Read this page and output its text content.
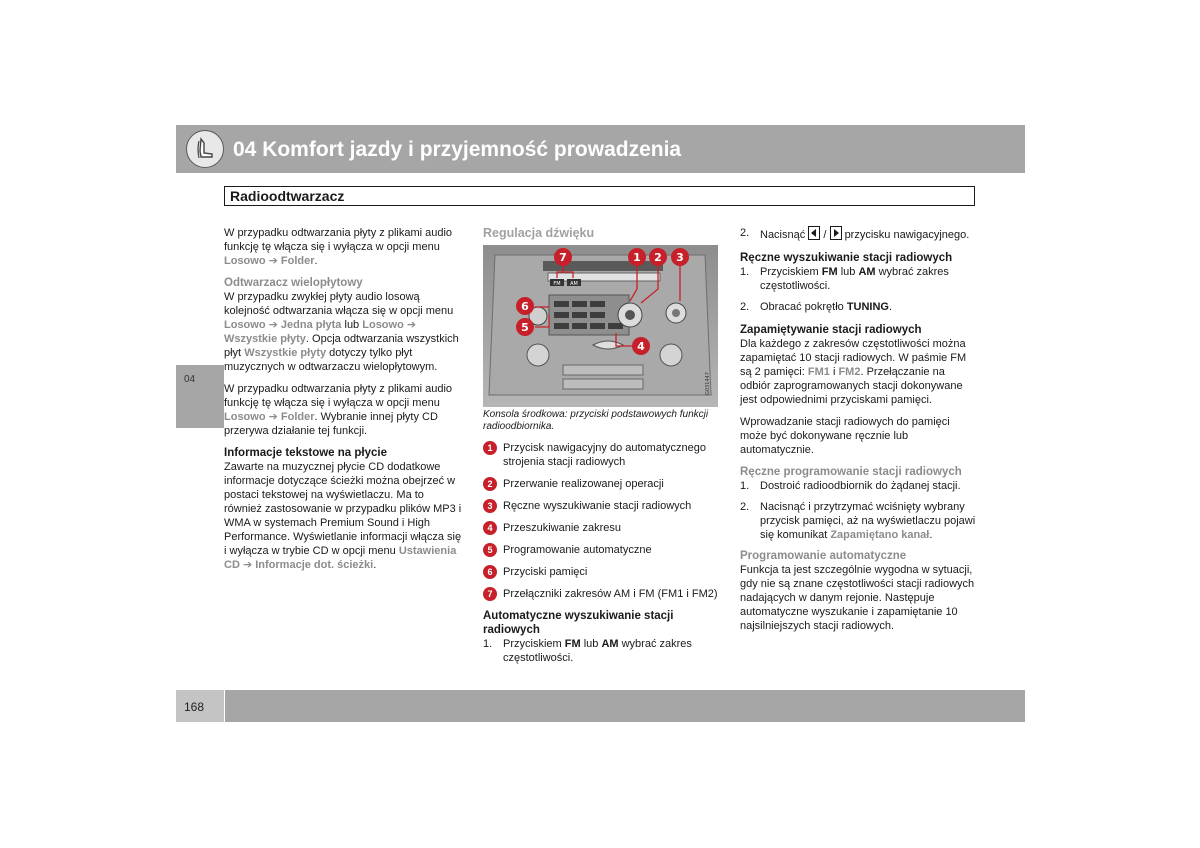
04 Komfort jazdy i przyjemność prowadzenia
Radioodtwarzacz
04
168

W przypadku odtwarzania płyty z plikami audio funkcję tę włącza się i wyłącza w opcji menu Losowo ➔ Folder.

Odtwarzacz wielopłytowy

W przypadku zwykłej płyty audio losową kolejność odtwarzania włącza się w opcji menu Losowo ➔ Jedna płyta lub Losowo ➔ Wszystkie płyty. Opcja odtwarzania wszystkich płyt Wszystkie płyty dotyczy tylko płyt muzycznych w odtwarzaczu wielopłytowym.

W przypadku odtwarzania płyty z plikami audio funkcję tę włącza się i wyłącza w opcji menu Losowo ➔ Folder. Wybranie innej płyty CD przerywa działanie tej funkcji.

Informacje tekstowe na płycie

Zawarte na muzycznej płycie CD dodatkowe informacje dotyczące ścieżki można obejrzeć w postaci tekstowej na wyświetlaczu. Ma to również zastosowanie w przypadku plików MP3 i WMA w systemach Premium Sound i High Performance. Wyświetlanie informacji włącza się i wyłącza w trybie CD w opcji menu Ustawienia CD ➔ Informacje dot. ścieżki.

Regulacja dźwięku
FM AM
7	1 2 3
6
5
4
G031447

Konsola środkowa: przyciski podstawowych funkcji radioodbiornika.

1 Przycisk nawigacyjny do automatycznego strojenia stacji radiowych
2 Przerwanie realizowanej operacji
3 Ręczne wyszukiwanie stacji radiowych
4 Przeszukiwanie zakresu
5 Programowanie automatyczne
6 Przyciski pamięci
7 Przełączniki zakresów AM i FM (FM1 i FM2)
Automatyczne wyszukiwanie stacji radiowych
1. Przyciskiem FM lub AM wybrać zakres częstotliwości.
2. Nacisnąć / przycisku nawigacyjnego.
Ręczne wyszukiwanie stacji radiowych
1. Przyciskiem FM lub AM wybrać zakres częstotliwości.
2. Obracać pokrętło TUNING.
Zapamiętywanie stacji radiowych

Dla każdego z zakresów częstotliwości można zapamiętać 10 stacji radiowych. W paśmie FM są 2 pamięci: FM1 i FM2. Przełączanie na odbiór zaprogramowanych stacji dokonywane jest odpowiednimi przyciskami pamięci.

Wprowadzanie stacji radiowych do pamięci może być dokonywane ręcznie lub automatycznie.

Ręczne programowanie stacji radiowych
1. Dostroić radioodbiornik do żądanej stacji.
2. Nacisnąć i przytrzymać wciśnięty wybrany przycisk pamięci, aż na wyświetlaczu pojawi się komunikat Zapamiętano kanał.
Programowanie automatyczne

Funkcja ta jest szczególnie wygodna w sytuacji, gdy nie są znane częstotliwości stacji radiowych nadających w danym rejonie. Następuje automatyczne wyszukanie i zapamiętanie 10 najsilniejszych stacji radiowych.
